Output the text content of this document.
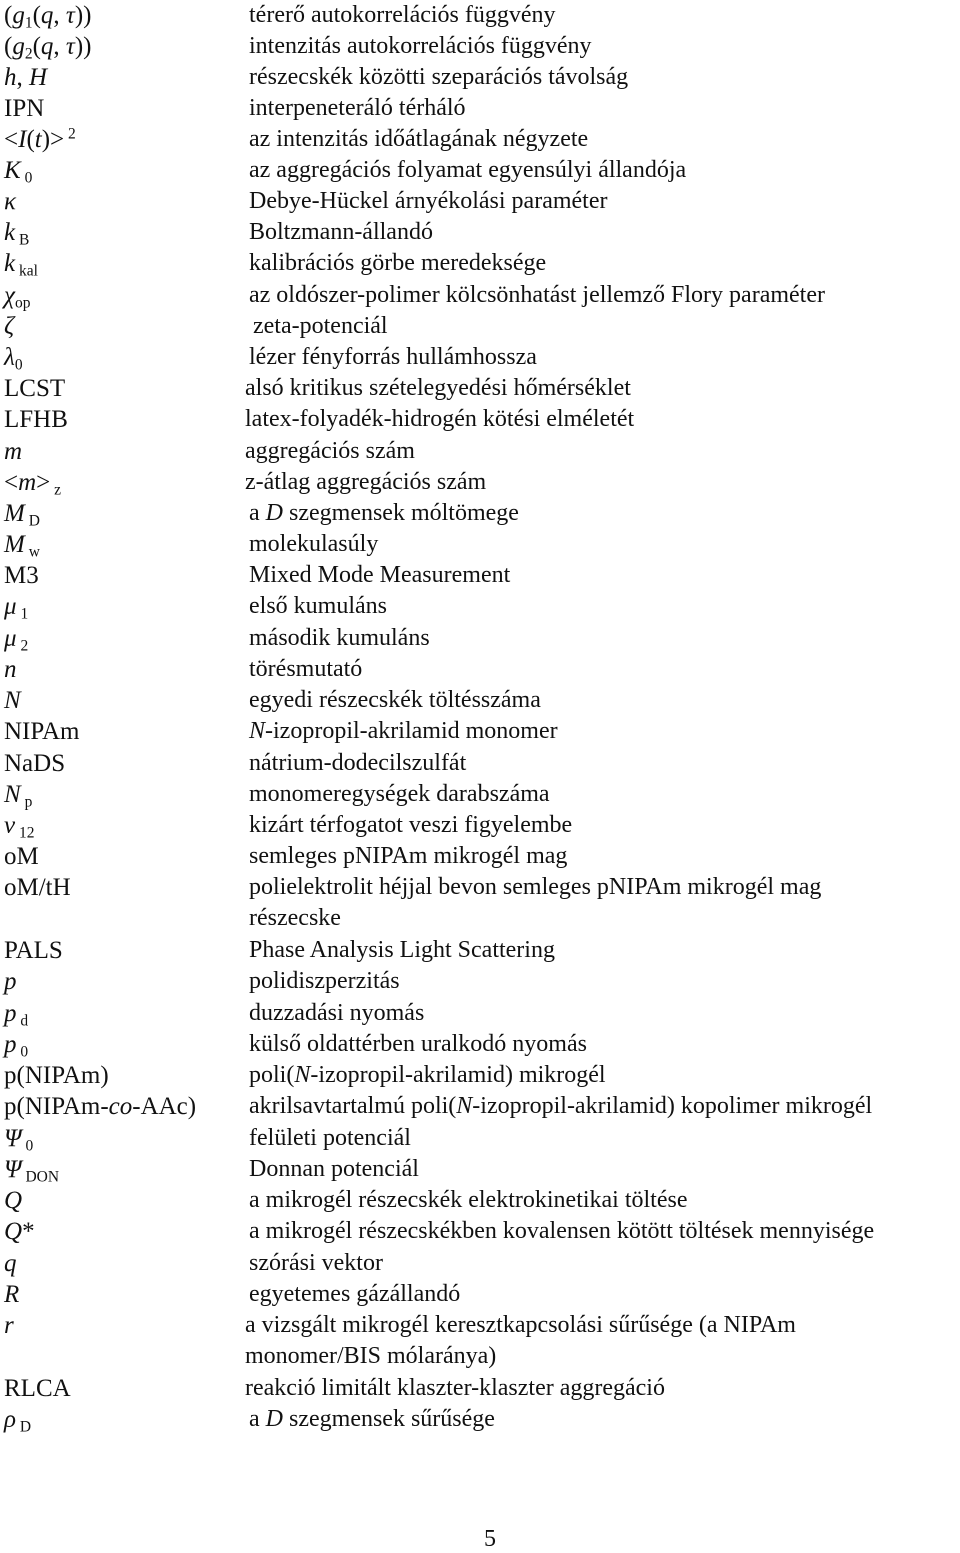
($g_1(q$, τ))	térerő autokorrelációs függvény
($g_2(q$, τ))	intenzitás autokorrelációs függvény
h, H	részecskék közötti szeparációs távolság
IPN	interpeneteráló térháló
<I(t)> $^2$	az intenzitás időátlagának négyzete
K $_0$	az aggregációs folyamat egyensúlyi állandója
κ	Debye-Hückel árnyékolási paraméter
k $_B$	Boltzmann-állandó
k $_{kal}$	kalibrációs görbe meredeksége
$\chi_{op}$	az oldószer-polimer kölcsönhatást jellemző Flory paraméter
ζ	zeta-potenciál
$\lambda_0$	lézer fényforrás hullámhossza
LCST	alsó kritikus szételegyedési hőmérséklet
LFHB	latex-folyadék-hidrogén kötési elméletét
m	aggregációs szám
<m> $_z$	z-átlag aggregációs szám
M $_D$	a D szegmensek móltömege
M $_w$	molekulasúly
M3	Mixed Mode Measurement
μ $_1$	első kumuláns
μ $_2$	második kumuláns
n	törésmutató
N	egyedi részecskék töltésszáma
NIPAm	N-izopropil-akrilamid monomer
NaDS	nátrium-dodecilszulfát
N $_p$	monomeregységek darabszáma
ν $_{12}$	kizárt térfogatot veszi figyelembe
oM	semleges pNIPAm mikrogél mag
oM/tH	polielektrolit héjjal bevon semleges pNIPAm mikrogél mag részecske
PALS	Phase Analysis Light Scattering
p	polidiszperzitás
p $_d$	duzzadási nyomás
p $_0$	külső oldattérben uralkodó nyomás
p(NIPAm)	poli(N-izopropil-akrilamid) mikrogél
p(NIPAm-co-AAc) akrilsavtartalmú poli(N-izopropil-akrilamid) kopolimer mikrogél
Ψ $_0$	felületi potenciál
Ψ $_{DON}$	Donnan potenciál
Q	a mikrogél részecskék elektrokinetikai töltése
Q*	a mikrogél részecskékben kovalensen kötött töltések mennyisége
q	szórási vektor
R	egyetemes gázállandó
r	a vizsgált mikrogél keresztkapcsolási sűrűsége (a NIPAm monomer/BIS mólaránya)
RLCA	reakció limitált klaszter-klaszter aggregáció
ρ $_D$	a D szegmensek sűrűsége
5
